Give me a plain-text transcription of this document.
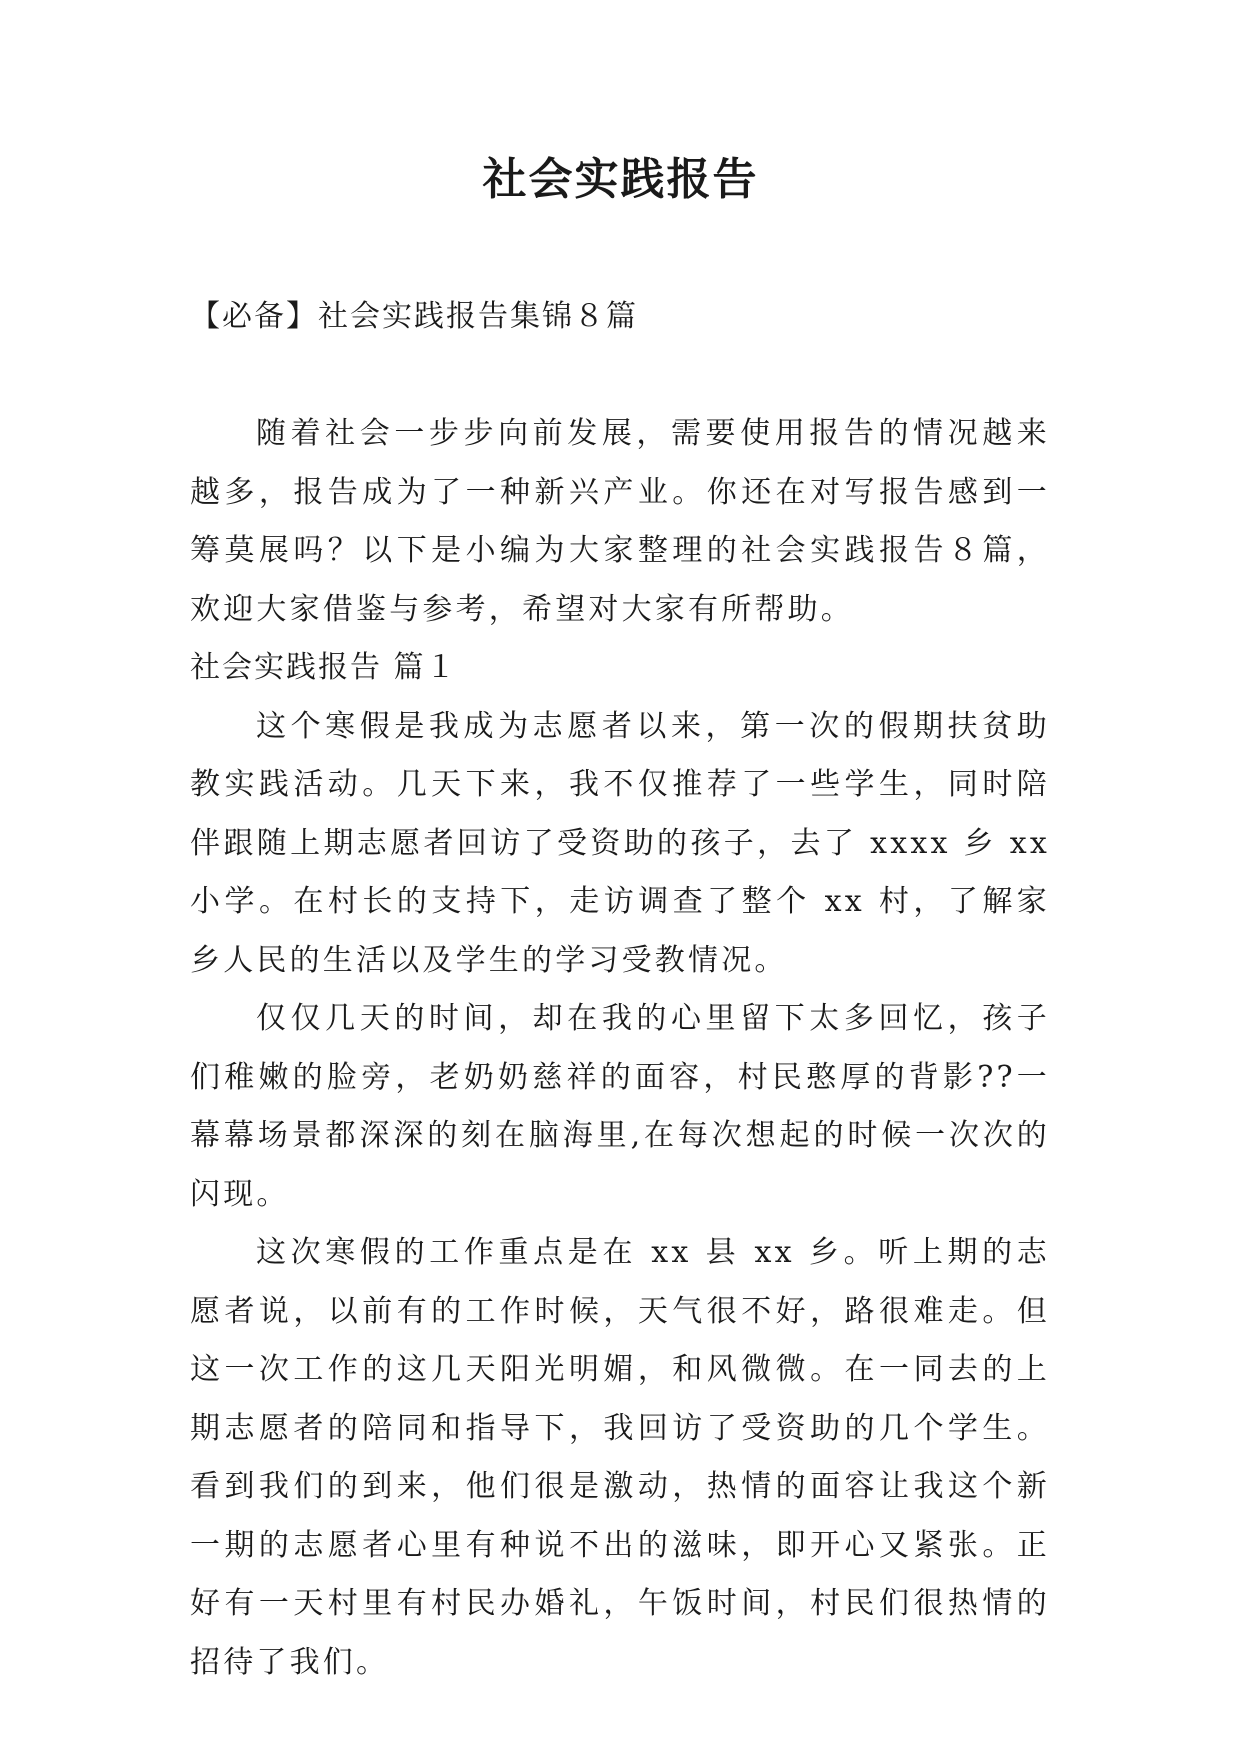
社会实践报告
【必备】社会实践报告集锦８篇

随着社会一步步向前发展，需要使用报告的情况越来越多，报告成为了一种新兴产业。你还在对写报告感到一筹莫展吗？以下是小编为大家整理的社会实践报告８篇，欢迎大家借鉴与参考，希望对大家有所帮助。

社会实践报告 篇１

这个寒假是我成为志愿者以来，第一次的假期扶贫助教实践活动。几天下来，我不仅推荐了一些学生，同时陪伴跟随上期志愿者回访了受资助的孩子，去了 xxxx 乡 xx 小学。在村长的支持下，走访调查了整个 xx 村，了解家乡人民的生活以及学生的学习受教情况。

仅仅几天的时间，却在我的心里留下太多回忆，孩子们稚嫩的脸旁，老奶奶慈祥的面容，村民憨厚的背影??一幕幕场景都深深的刻在脑海里,在每次想起的时候一次次的闪现。

这次寒假的工作重点是在 xx 县 xx 乡。听上期的志愿者说，以前有的工作时候，天气很不好，路很难走。但这一次工作的这几天阳光明媚，和风微微。在一同去的上期志愿者的陪同和指导下，我回访了受资助的几个学生。看到我们的到来，他们很是激动，热情的面容让我这个新一期的志愿者心里有种说不出的滋味，即开心又紧张。正好有一天村里有村民办婚礼，午饭时间，村民们很热情的招待了我们。
